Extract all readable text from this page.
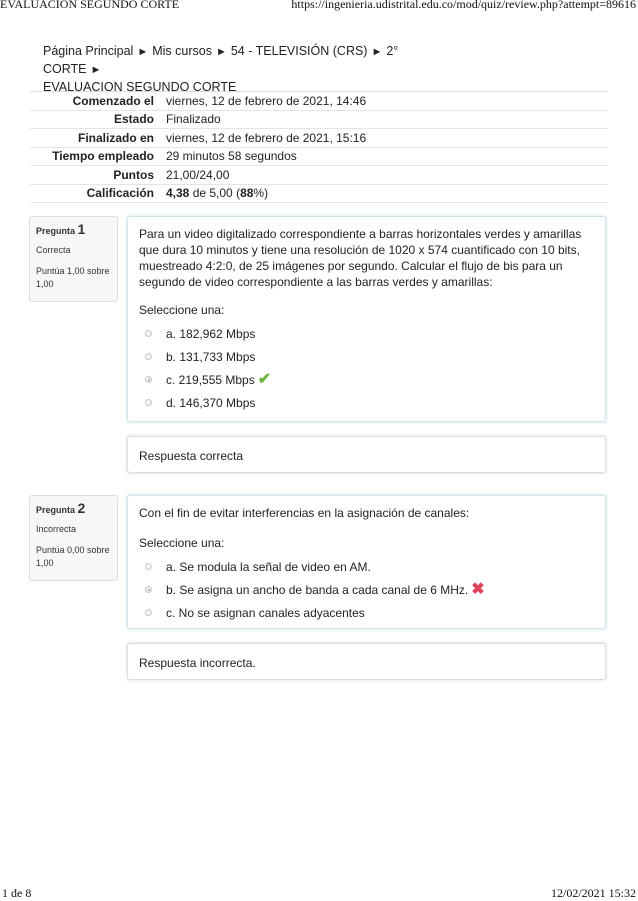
EVALUACION SEGUNDO CORTE	https://ingenieria.udistrital.edu.co/mod/quiz/review.php?attempt=89616
1 de 8	12/02/2021 15:32
Página Principal ► Mis cursos ► 54 - TELEVISIÓN (CRS) ► 2° CORTE ►
EVALUACION SEGUNDO CORTE
Comenzado el	viernes, 12 de febrero de 2021, 14:46
Estado	Finalizado
Finalizado en	viernes, 12 de febrero de 2021, 15:16
Tiempo empleado	29 minutos 58 segundos
Puntos	21,00/24,00
Calificación	4,38 de 5,00 (88%)
Pregunta 1
Correcta
Puntúa 1,00 sobre 1,00
Para un video digitalizado correspondiente a barras horizontales verdes y amarillas que dura 10 minutos y tiene una resolución de 1020 x 574 cuantificado con 10 bits, muestreado 4:2:0, de 25 imágenes por segundo. Calcular el flujo de bis para un segundo de video correspondiente a las barras verdes y amarillas:
Seleccione una:
a. 182,962 Mbps
b. 131,733 Mbps
c. 219,555 Mbps ✔
d. 146,370 Mbps
Respuesta correcta
Pregunta 2
Incorrecta
Puntúa 0,00 sobre 1,00
Con el fin de evitar interferencias en la asignación de canales:
Seleccione una:
a. Se modula la señal de video en AM.
b. Se asigna un ancho de banda a cada canal de 6 MHz. ✖
c. No se asignan canales adyacentes
Respuesta incorrecta.
